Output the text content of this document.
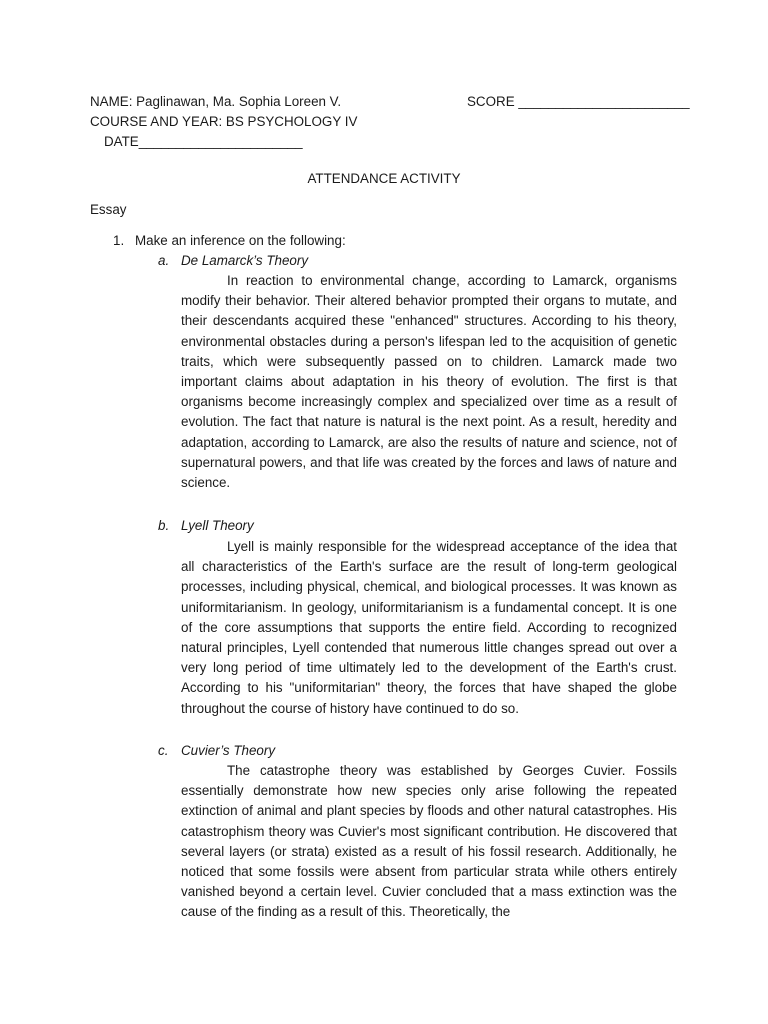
NAME: Paglinawan, Ma. Sophia Loreen V.	SCORE _______________________
COURSE AND YEAR: BS PSYCHOLOGY IV
DATE______________________
ATTENDANCE ACTIVITY
Essay
1. Make an inference on the following:
a. De Lamarck’s Theory

In reaction to environmental change, according to Lamarck, organisms modify their behavior. Their altered behavior prompted their organs to mutate, and their descendants acquired these "enhanced" structures. According to his theory, environmental obstacles during a person's lifespan led to the acquisition of genetic traits, which were subsequently passed on to children. Lamarck made two important claims about adaptation in his theory of evolution. The first is that organisms become increasingly complex and specialized over time as a result of evolution. The fact that nature is natural is the next point. As a result, heredity and adaptation, according to Lamarck, are also the results of nature and science, not of supernatural powers, and that life was created by the forces and laws of nature and science.

b. Lyell Theory

Lyell is mainly responsible for the widespread acceptance of the idea that all characteristics of the Earth's surface are the result of long-term geological processes, including physical, chemical, and biological processes. It was known as uniformitarianism. In geology, uniformitarianism is a fundamental concept. It is one of the core assumptions that supports the entire field. According to recognized natural principles, Lyell contended that numerous little changes spread out over a very long period of time ultimately led to the development of the Earth's crust. According to his "uniformitarian" theory, the forces that have shaped the globe throughout the course of history have continued to do so.

c. Cuvier’s Theory

The catastrophe theory was established by Georges Cuvier. Fossils essentially demonstrate how new species only arise following the repeated extinction of animal and plant species by floods and other natural catastrophes. His catastrophism theory was Cuvier's most significant contribution. He discovered that several layers (or strata) existed as a result of his fossil research. Additionally, he noticed that some fossils were absent from particular strata while others entirely vanished beyond a certain level. Cuvier concluded that a mass extinction was the cause of the finding as a result of this. Theoretically, the
